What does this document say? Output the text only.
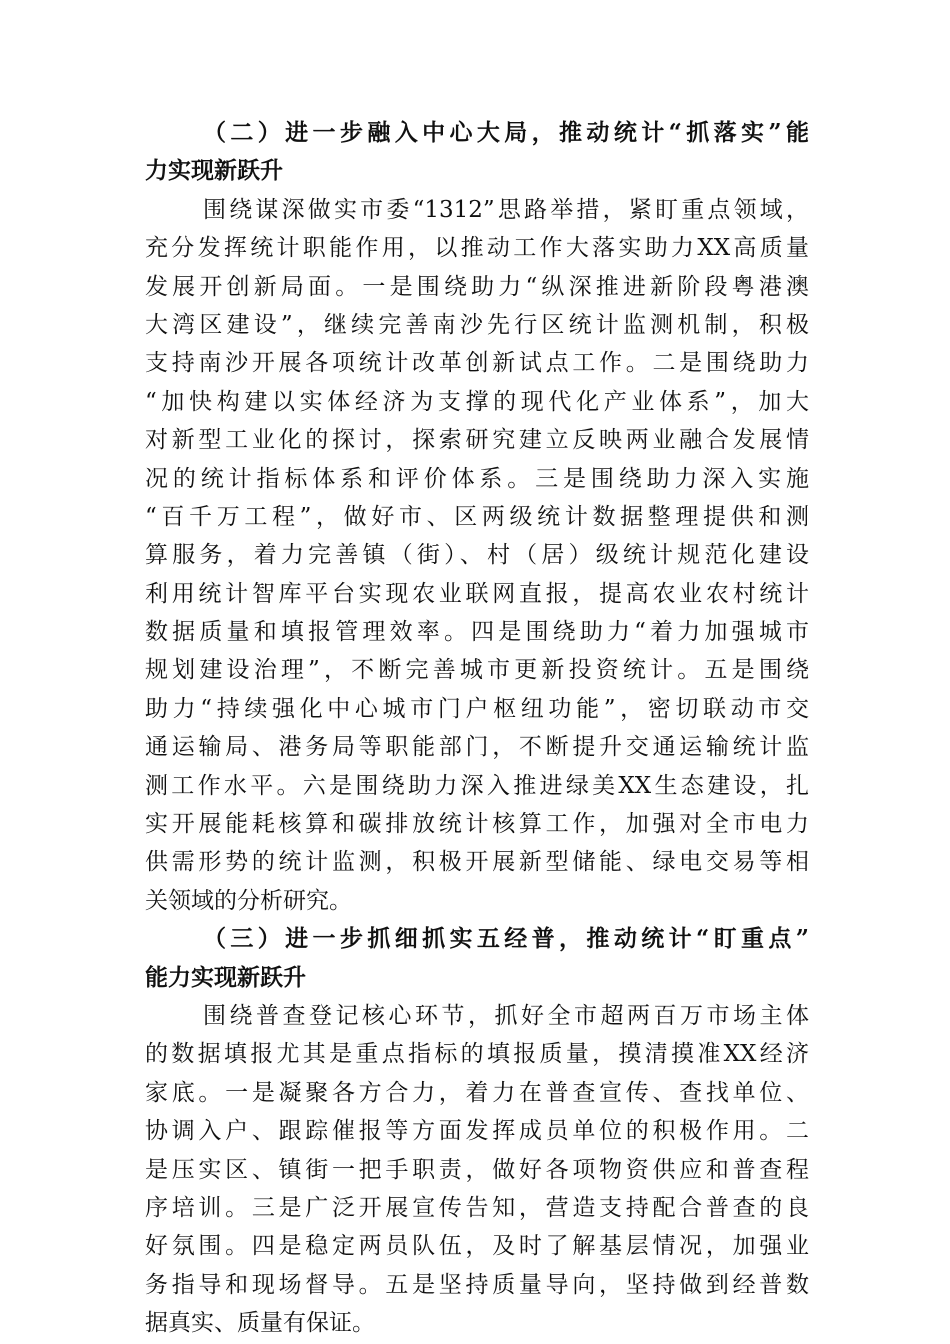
（二）进一步融入中心大局，推动统计“抓落实”能
力实现新跃升
围绕谋深做实市委“1312”思路举措，紧盯重点领域，
充分发挥统计职能作用，以推动工作大落实助力XX高质量
发展开创新局面。一是围绕助力“纵深推进新阶段粤港澳
大湾区建设”，继续完善南沙先行区统计监测机制，积极
支持南沙开展各项统计改革创新试点工作。二是围绕助力
“加快构建以实体经济为支撑的现代化产业体系”，加大
对新型工业化的探讨，探索研究建立反映两业融合发展情
况的统计指标体系和评价体系。三是围绕助力深入实施
“百千万工程”，做好市、区两级统计数据整理提供和测
算服务，着力完善镇（街）、村（居）级统计规范化建设
利用统计智库平台实现农业联网直报，提高农业农村统计
数据质量和填报管理效率。四是围绕助力“着力加强城市
规划建设治理”，不断完善城市更新投资统计。五是围绕
助力“持续强化中心城市门户枢纽功能”，密切联动市交
通运输局、港务局等职能部门，不断提升交通运输统计监
测工作水平。六是围绕助力深入推进绿美XX生态建设，扎
实开展能耗核算和碳排放统计核算工作，加强对全市电力
供需形势的统计监测，积极开展新型储能、绿电交易等相
关领域的分析研究。
（三）进一步抓细抓实五经普，推动统计“盯重点”
能力实现新跃升
围绕普查登记核心环节，抓好全市超两百万市场主体
的数据填报尤其是重点指标的填报质量，摸清摸准XX经济
家底。一是凝聚各方合力，着力在普查宣传、查找单位、
协调入户、跟踪催报等方面发挥成员单位的积极作用。二
是压实区、镇街一把手职责，做好各项物资供应和普查程
序培训。三是广泛开展宣传告知，营造支持配合普查的良
好氛围。四是稳定两员队伍，及时了解基层情况，加强业
务指导和现场督导。五是坚持质量导向，坚持做到经普数
据真实、质量有保证。
